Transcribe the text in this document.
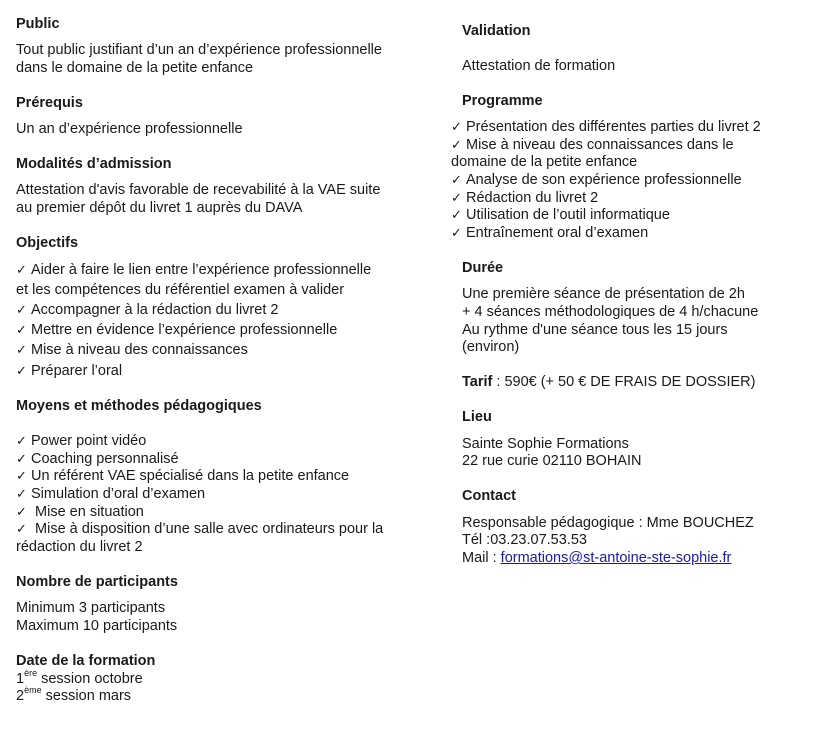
Public
Tout public justifiant d’un an d’expérience professionnelle
dans le domaine de la petite enfance
Prérequis
Un an d’expérience professionnelle
Modalités d’admission
Attestation d'avis favorable de recevabilité à la VAE suite
au premier dépôt du livret 1 auprès du DAVA
Objectifs
✓ Aider à faire le lien entre l’expérience professionnelle
et les compétences du référentiel examen à valider
✓ Accompagner à la rédaction du livret 2
✓ Mettre en évidence l’expérience professionnelle
✓ Mise à niveau des connaissances
✓ Préparer l’oral
Moyens et méthodes pédagogiques
✓ Power point vidéo
✓ Coaching personnalisé
✓ Un référent VAE spécialisé dans la petite enfance
✓ Simulation d’oral d’examen
✓ Mise en situation
✓ Mise à disposition d’une salle avec ordinateurs pour la
rédaction du livret 2
Nombre de participants
Minimum 3 participants
Maximum 10 participants
Date de la formation
1ère session octobre
2ème session mars
Validation
Attestation de formation
Programme
✓ Présentation des différentes parties du livret 2
✓ Mise à niveau des connaissances dans le
domaine de la petite enfance
✓ Analyse de son expérience professionnelle
✓ Rédaction du livret 2
✓ Utilisation de l’outil informatique
✓ Entraînement oral d’examen
Durée
Une première séance de présentation de 2h
+ 4 séances méthodologiques de 4 h/chacune
Au rythme d'une séance tous les 15 jours
(environ)
Tarif : 590€ (+ 50 € DE FRAIS DE DOSSIER)
Lieu
Sainte Sophie Formations
22 rue curie 02110 BOHAIN
Contact
Responsable pédagogique : Mme BOUCHEZ
Tél :03.23.07.53.53
Mail : formations@st-antoine-ste-sophie.fr
